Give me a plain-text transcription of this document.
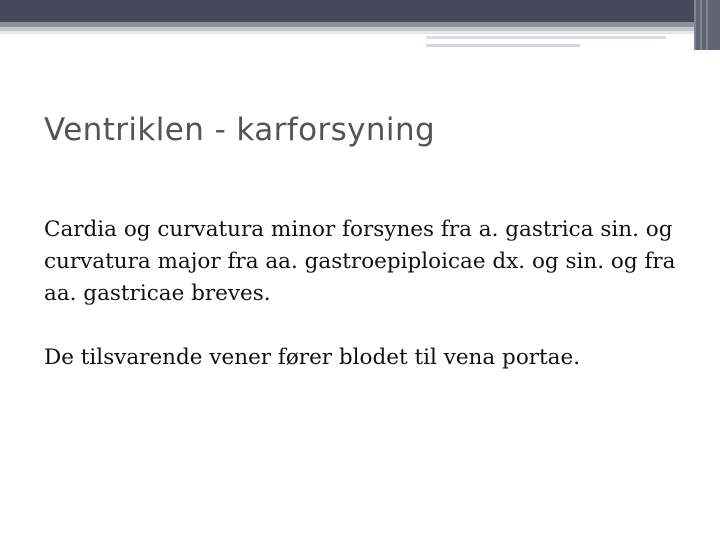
Ventriklen - karforsyning

Cardia og curvatura minor forsynes fra a. gastrica sin. og curvatura major fra aa. gastroepiploicae dx. og sin. og fra aa. gastricae breves.

De tilsvarende vener fører blodet til vena portae.
